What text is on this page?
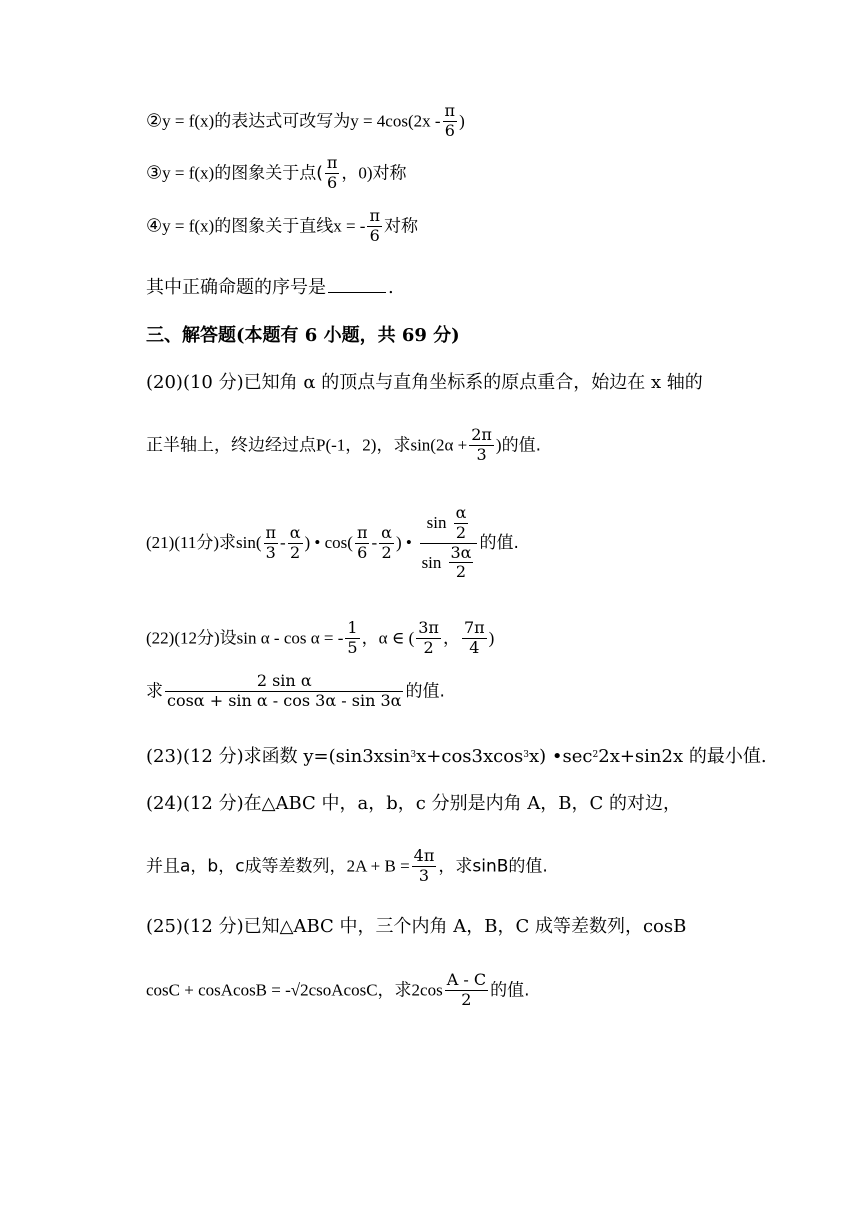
②y = f(x)的表达式可改写为$y = 4\cos(2x - \frac{\pi}{6}$ )
③y = f(x)的图象关于点( $\frac{\pi}{6}$ ，0)对称
④y = f(x)的图象关于直线x = - $\frac{\pi}{6}$ 对称
其中正确命题的序号是	.
三、解答题(本题有 6 小题，共 69 分)
(20)(10 分)已知角 α 的顶点与直角坐标系的原点重合，始边在 x 轴的
正半轴上，终边经过点P(-1，2)，求$\sin(2\alpha + \frac{2\pi}{3}$ )的值.
(21)(11分)求$\sin( \frac{\pi}{3} - \frac{\alpha}{2}$ ) • $\cos( \frac{\pi}{6} - \frac{\alpha}{2}$ ) • $\frac{\sin \frac{\alpha}{2}}{\sin \frac{3\alpha}{2}}$ 的值.
(22)(12分)设sin α - cos α = - $\frac{1}{5}$ ，α ∈ ( $\frac{3\pi}{2}$ ， $\frac{7\pi}{4}$ )
求 $\frac{\text{2 sin α}}{\text{cosα + sin α - cos 3α - sin 3α}}$ 的值.
(23)(12 分)求函数 y=(sin3xsin$^3$x+cos3xcos$^3$x) $•\sec^22x+\sin 2x$ 的最小值.
(24)(12 分)在△ABC 中，a，b，c 分别是内角 A，B，C 的对边，
并且a，b，c成等差数列，$2A + B = \frac{4\pi}{3}$ ，求sinB的值.
(25)(12 分)已知△ABC 中，三个内角 A，B，C 成等差数列，cosB
cosC + cosAcosB = -√2csoAcosC，求$2\cos \frac{A - C}{2}$ 的值.
